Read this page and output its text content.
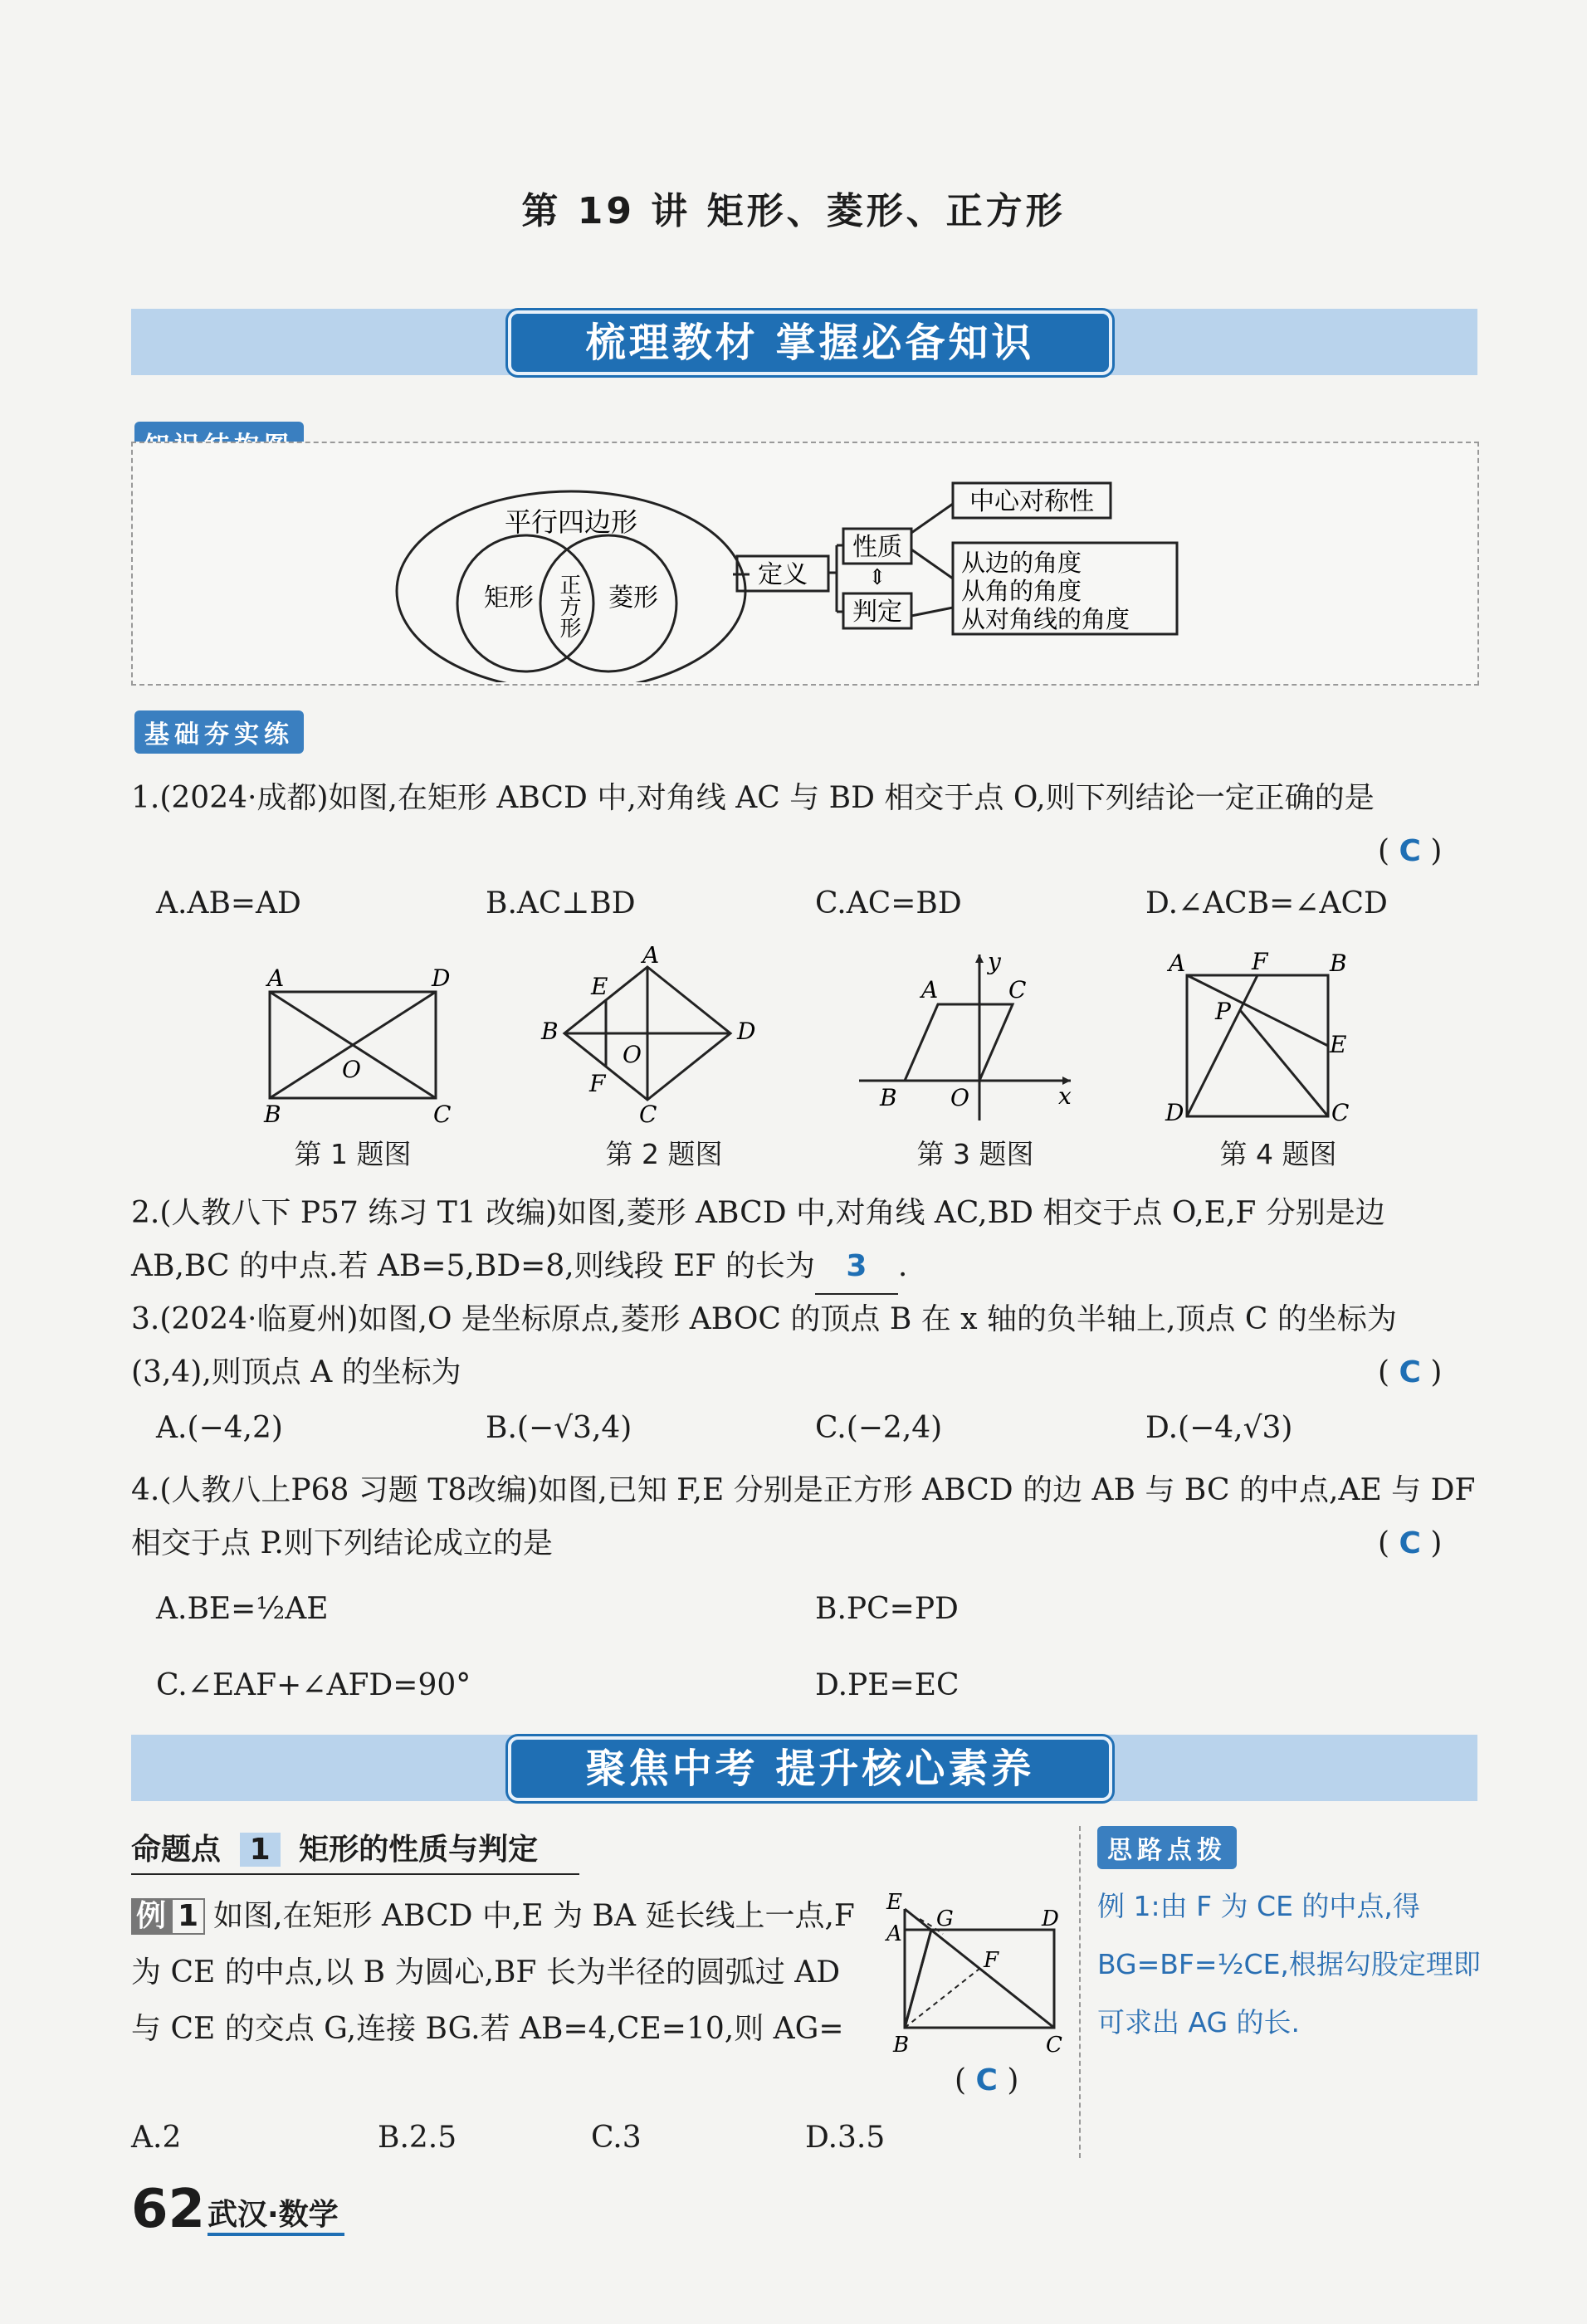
第 19 讲 矩形、菱形、正方形
梳理教材 掌握必备知识
平行四边形
矩形	菱形
正方形	定义
性质
判定
⇕
中心对称性
从边的角度
从角的角度
从对角线的角度
基础夯实练
1.(2024·成都)如图,在矩形 ABCD 中,对角线 AC 与 BD 相交于点 O,则下列结论一定正确的是
( C )
A.AB=AD	B.AC⊥BD	C.AC=BD	D.∠ACB=∠ACD
A	D
B	C
O
第 1 题图
A
D
B
C
E
F
O
第 2 题图
y
x
A	C
B O
第 3 题图
A	F	B
P
E
D	C
第 4 题图
2.(人教八下 P57 练习 T1 改编)如图,菱形 ABCD 中,对角线 AC,BD 相交于点 O,E,F 分别是边 AB,BC 的中点.若 AB=5,BD=8,则线段 EF 的长为 3 .
3.(2024·临夏州)如图,O 是坐标原点,菱形 ABOC 的顶点 B 在 x 轴的负半轴上,顶点 C 的坐标为(3,4),则顶点 A 的坐标为	( C )
A.(−4,2)	B.(−√3,4)	C.(−2,4)	D.(−4,√3)
4.(人教八上P68 习题 T8改编)如图,已知 F,E 分别是正方形 ABCD 的边 AB 与 BC 的中点,AE 与 DF 相交于点 P.则下列结论成立的是	( C )
A.BE=½AE	B.PC=PD
C.∠EAF+∠AFD=90°	D.PE=EC
聚焦中考 提升核心素养
命题点 1 矩形的性质与判定
例 1 如图,在矩形 ABCD 中,E 为 BA 延长线上一点,F 为 CE 的中点,以 B 为圆心,BF 长为半径的圆弧过 AD 与 CE 的交点 G,连接 BG.若 AB=4,CE=10,则 AG=
E
A
G
F
D
B	C
( C )
A.2	B.2.5	C.3	D.3.5
思路点拨
例 1:由 F 为 CE 的中点,得 BG=BF=½CE,根据勾股定理即可求出 AG 的长.
62 武汉·数学
